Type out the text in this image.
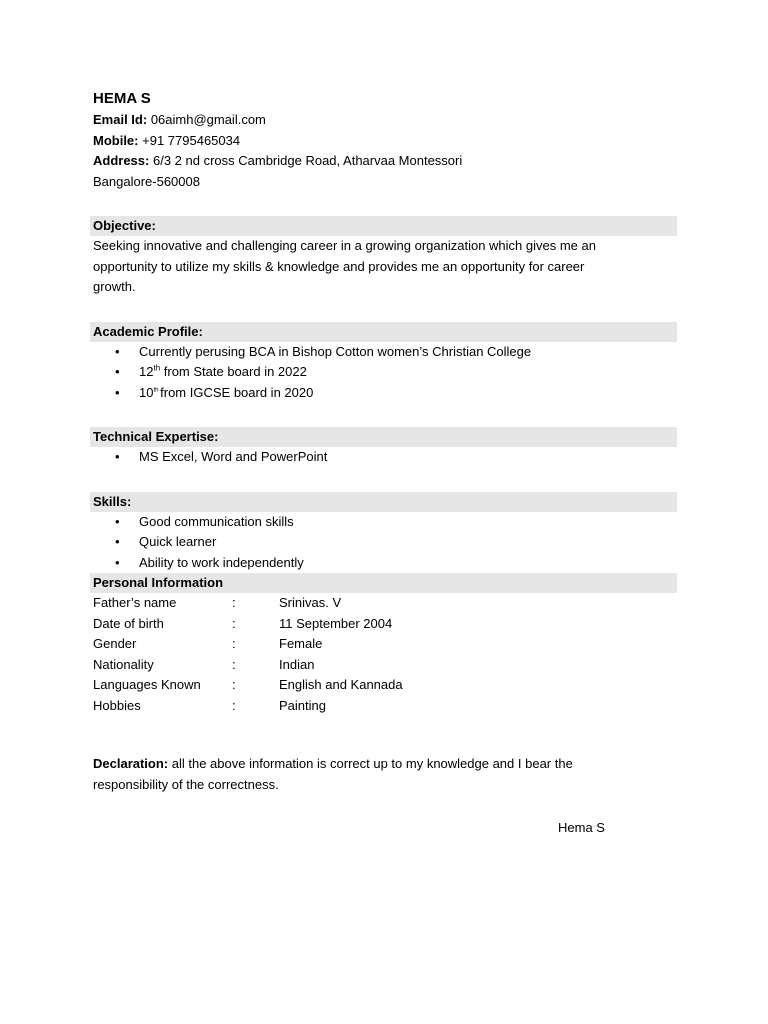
HEMA S
Email Id: 06aimh@gmail.com
Mobile: +91 7795465034
Address: 6/3 2 nd cross Cambridge Road, Atharvaa Montessori
Bangalore-560008
Objective:
Seeking innovative and challenging career in a growing organization which gives me an
opportunity to utilize my skills & knowledge and provides me an opportunity for career
growth.
Academic Profile:
• Currently perusing BCA in Bishop Cotton women’s Christian College
• 12th from State board in 2022
• 10th from IGCSE board in 2020
Technical Expertise:
• MS Excel, Word and PowerPoint
Skills:
• Good communication skills
• Quick learner
• Ability to work independently
Personal Information
Father’s name	:	Srinivas. V
Date of birth	:	11 September 2004
Gender	:	Female
Nationality	:	Indian
Languages Known	:	English and Kannada
Hobbies	:	Painting
Declaration: all the above information is correct up to my knowledge and I bear the
responsibility of the correctness.
Hema S
